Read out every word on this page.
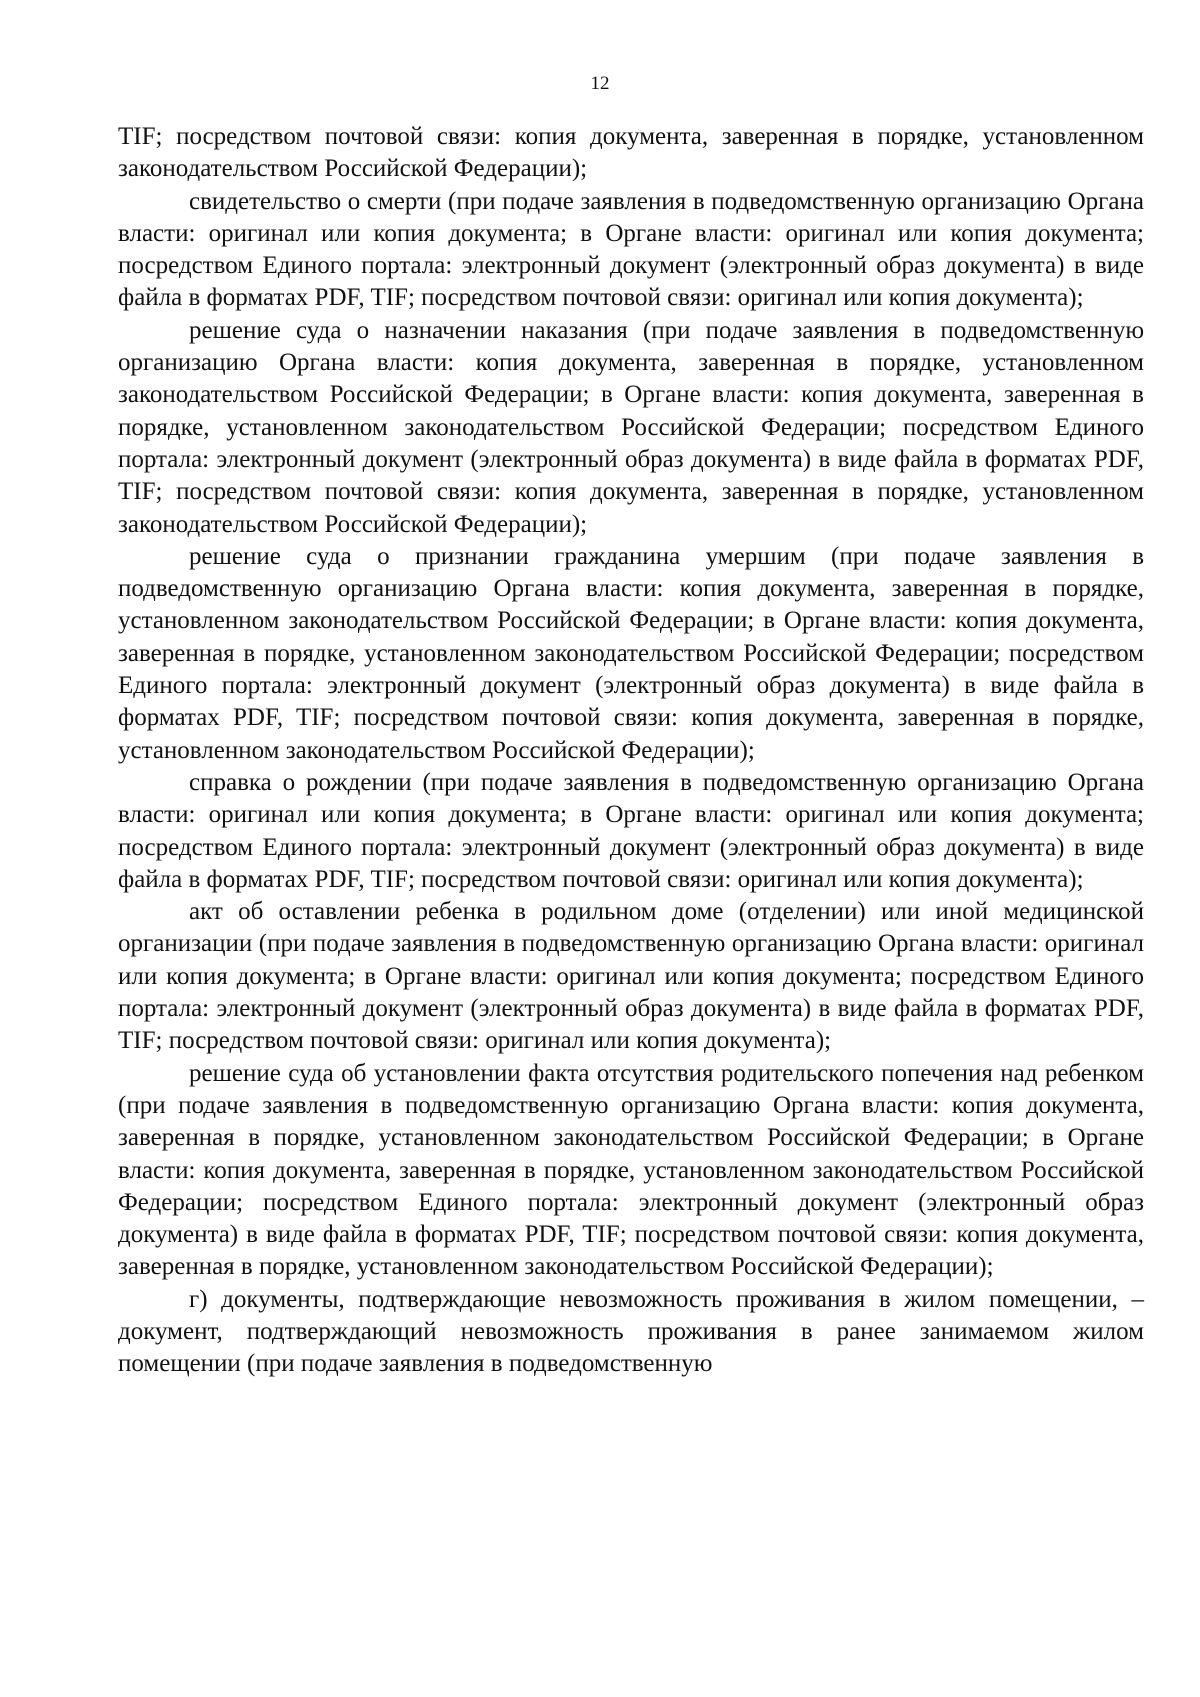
12

TIF; посредством почтовой связи: копия документа, заверенная в порядке, установленном законодательством Российской Федерации);

свидетельство о смерти (при подаче заявления в подведомственную организацию Органа власти: оригинал или копия документа; в Органе власти: оригинал или копия документа; посредством Единого портала: электронный документ (электронный образ документа) в виде файла в форматах PDF, TIF; посредством почтовой связи: оригинал или копия документа);

решение суда о назначении наказания (при подаче заявления в подведомственную организацию Органа власти: копия документа, заверенная в порядке, установленном законодательством Российской Федерации; в Органе власти: копия документа, заверенная в порядке, установленном законодательством Российской Федерации; посредством Единого портала: электронный документ (электронный образ документа) в виде файла в форматах PDF, TIF; посредством почтовой связи: копия документа, заверенная в порядке, установленном законодательством Российской Федерации);

решение суда о признании гражданина умершим (при подаче заявления в подведомственную организацию Органа власти: копия документа, заверенная в порядке, установленном законодательством Российской Федерации; в Органе власти: копия документа, заверенная в порядке, установленном законодательством Российской Федерации; посредством Единого портала: электронный документ (электронный образ документа) в виде файла в форматах PDF, TIF; посредством почтовой связи: копия документа, заверенная в порядке, установленном законодательством Российской Федерации);

справка о рождении (при подаче заявления в подведомственную организацию Органа власти: оригинал или копия документа; в Органе власти: оригинал или копия документа; посредством Единого портала: электронный документ (электронный образ документа) в виде файла в форматах PDF, TIF; посредством почтовой связи: оригинал или копия документа);

акт об оставлении ребенка в родильном доме (отделении) или иной медицинской организации (при подаче заявления в подведомственную организацию Органа власти: оригинал или копия документа; в Органе власти: оригинал или копия документа; посредством Единого портала: электронный документ (электронный образ документа) в виде файла в форматах PDF, TIF; посредством почтовой связи: оригинал или копия документа);

решение суда об установлении факта отсутствия родительского попечения над ребенком (при подаче заявления в подведомственную организацию Органа власти: копия документа, заверенная в порядке, установленном законодательством Российской Федерации; в Органе власти: копия документа, заверенная в порядке, установленном законодательством Российской Федерации; посредством Единого портала: электронный документ (электронный образ документа) в виде файла в форматах PDF, TIF; посредством почтовой связи: копия документа, заверенная в порядке, установленном законодательством Российской Федерации);

г) документы, подтверждающие невозможность проживания в жилом помещении, – документ, подтверждающий невозможность проживания в ранее занимаемом жилом помещении (при подаче заявления в подведомственную
